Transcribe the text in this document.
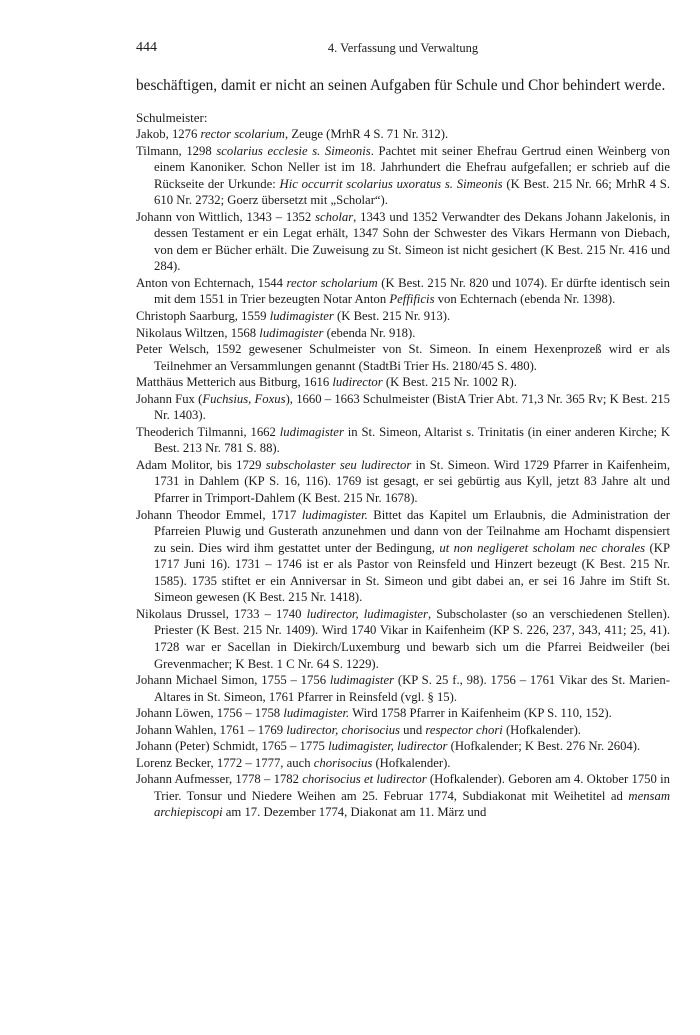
444	4. Verfassung und Verwaltung

beschäftigen, damit er nicht an seinen Aufgaben für Schule und Chor behindert werde.

Schulmeister:
Jakob, 1276 rector scolarium, Zeuge (MrhR 4 S. 71 Nr. 312).
Tilmann, 1298 scolarius ecclesie s. Simeonis. Pachtet mit seiner Ehefrau Gertrud einen Weinberg von einem Kanoniker. Schon Neller ist im 18. Jahrhundert die Ehefrau aufgefallen; er schrieb auf die Rückseite der Urkunde: Hic occurrit scolarius uxoratus s. Simeonis (K Best. 215 Nr. 66; MrhR 4 S. 610 Nr. 2732; Goerz übersetzt mit „Scholar“).
Johann von Wittlich, 1343 – 1352 scholar, 1343 und 1352 Verwandter des Dekans Johann Jakelonis, in dessen Testament er ein Legat erhält, 1347 Sohn der Schwester des Vikars Hermann von Diebach, von dem er Bücher erhält. Die Zuweisung zu St. Simeon ist nicht gesichert (K Best. 215 Nr. 416 und 284).
Anton von Echternach, 1544 rector scholarium (K Best. 215 Nr. 820 und 1074). Er dürfte identisch sein mit dem 1551 in Trier bezeugten Notar Anton Peffificis von Echternach (ebenda Nr. 1398).
Christoph Saarburg, 1559 ludimagister (K Best. 215 Nr. 913).
Nikolaus Wiltzen, 1568 ludimagister (ebenda Nr. 918).
Peter Welsch, 1592 gewesener Schulmeister von St. Simeon. In einem Hexenprozeß wird er als Teilnehmer an Versammlungen genannt (StadtBi Trier Hs. 2180/45 S. 480).
Matthäus Metterich aus Bitburg, 1616 ludirector (K Best. 215 Nr. 1002 R).
Johann Fux (Fuchsius, Foxus), 1660 – 1663 Schulmeister (BistA Trier Abt. 71,3 Nr. 365 Rv; K Best. 215 Nr. 1403).
Theoderich Tilmanni, 1662 ludimagister in St. Simeon, Altarist s. Trinitatis (in einer anderen Kirche; K Best. 213 Nr. 781 S. 88).
Adam Molitor, bis 1729 subscholaster seu ludirector in St. Simeon. Wird 1729 Pfarrer in Kaifenheim, 1731 in Dahlem (KP S. 16, 116). 1769 ist gesagt, er sei gebürtig aus Kyll, jetzt 83 Jahre alt und Pfarrer in Trimport-Dahlem (K Best. 215 Nr. 1678).
Johann Theodor Emmel, 1717 ludimagister. Bittet das Kapitel um Erlaubnis, die Administration der Pfarreien Pluwig und Gusterath anzunehmen und dann von der Teilnahme am Hochamt dispensiert zu sein. Dies wird ihm gestattet unter der Bedingung, ut non negligeret scholam nec chorales (KP 1717 Juni 16). 1731 – 1746 ist er als Pastor von Reinsfeld und Hinzert bezeugt (K Best. 215 Nr. 1585). 1735 stiftet er ein Anniversar in St. Simeon und gibt dabei an, er sei 16 Jahre im Stift St. Simeon gewesen (K Best. 215 Nr. 1418).
Nikolaus Drussel, 1733 – 1740 ludirector, ludimagister, Subscholaster (so an verschiedenen Stellen). Priester (K Best. 215 Nr. 1409). Wird 1740 Vikar in Kaifenheim (KP S. 226, 237, 343, 411; 25, 41). 1728 war er Sacellan in Diekirch/Luxemburg und bewarb sich um die Pfarrei Beidweiler (bei Grevenmacher; K Best. 1 C Nr. 64 S. 1229).
Johann Michael Simon, 1755 – 1756 ludimagister (KP S. 25 f., 98). 1756 – 1761 Vikar des St. Marien-Altares in St. Simeon, 1761 Pfarrer in Reinsfeld (vgl. § 15).
Johann Löwen, 1756 – 1758 ludimagister. Wird 1758 Pfarrer in Kaifenheim (KP S. 110, 152).
Johann Wahlen, 1761 – 1769 ludirector, chorisocius und respector chori (Hofkalender).
Johann (Peter) Schmidt, 1765 – 1775 ludimagister, ludirector (Hofkalender; K Best. 276 Nr. 2604).
Lorenz Becker, 1772 – 1777, auch chorisocius (Hofkalender).
Johann Aufmesser, 1778 – 1782 chorisocius et ludirector (Hofkalender). Geboren am 4. Oktober 1750 in Trier. Tonsur und Niedere Weihen am 25. Februar 1774, Subdiakonat mit Weihetitel ad mensam archiepiscopi am 17. Dezember 1774, Diakonat am 11. März und
